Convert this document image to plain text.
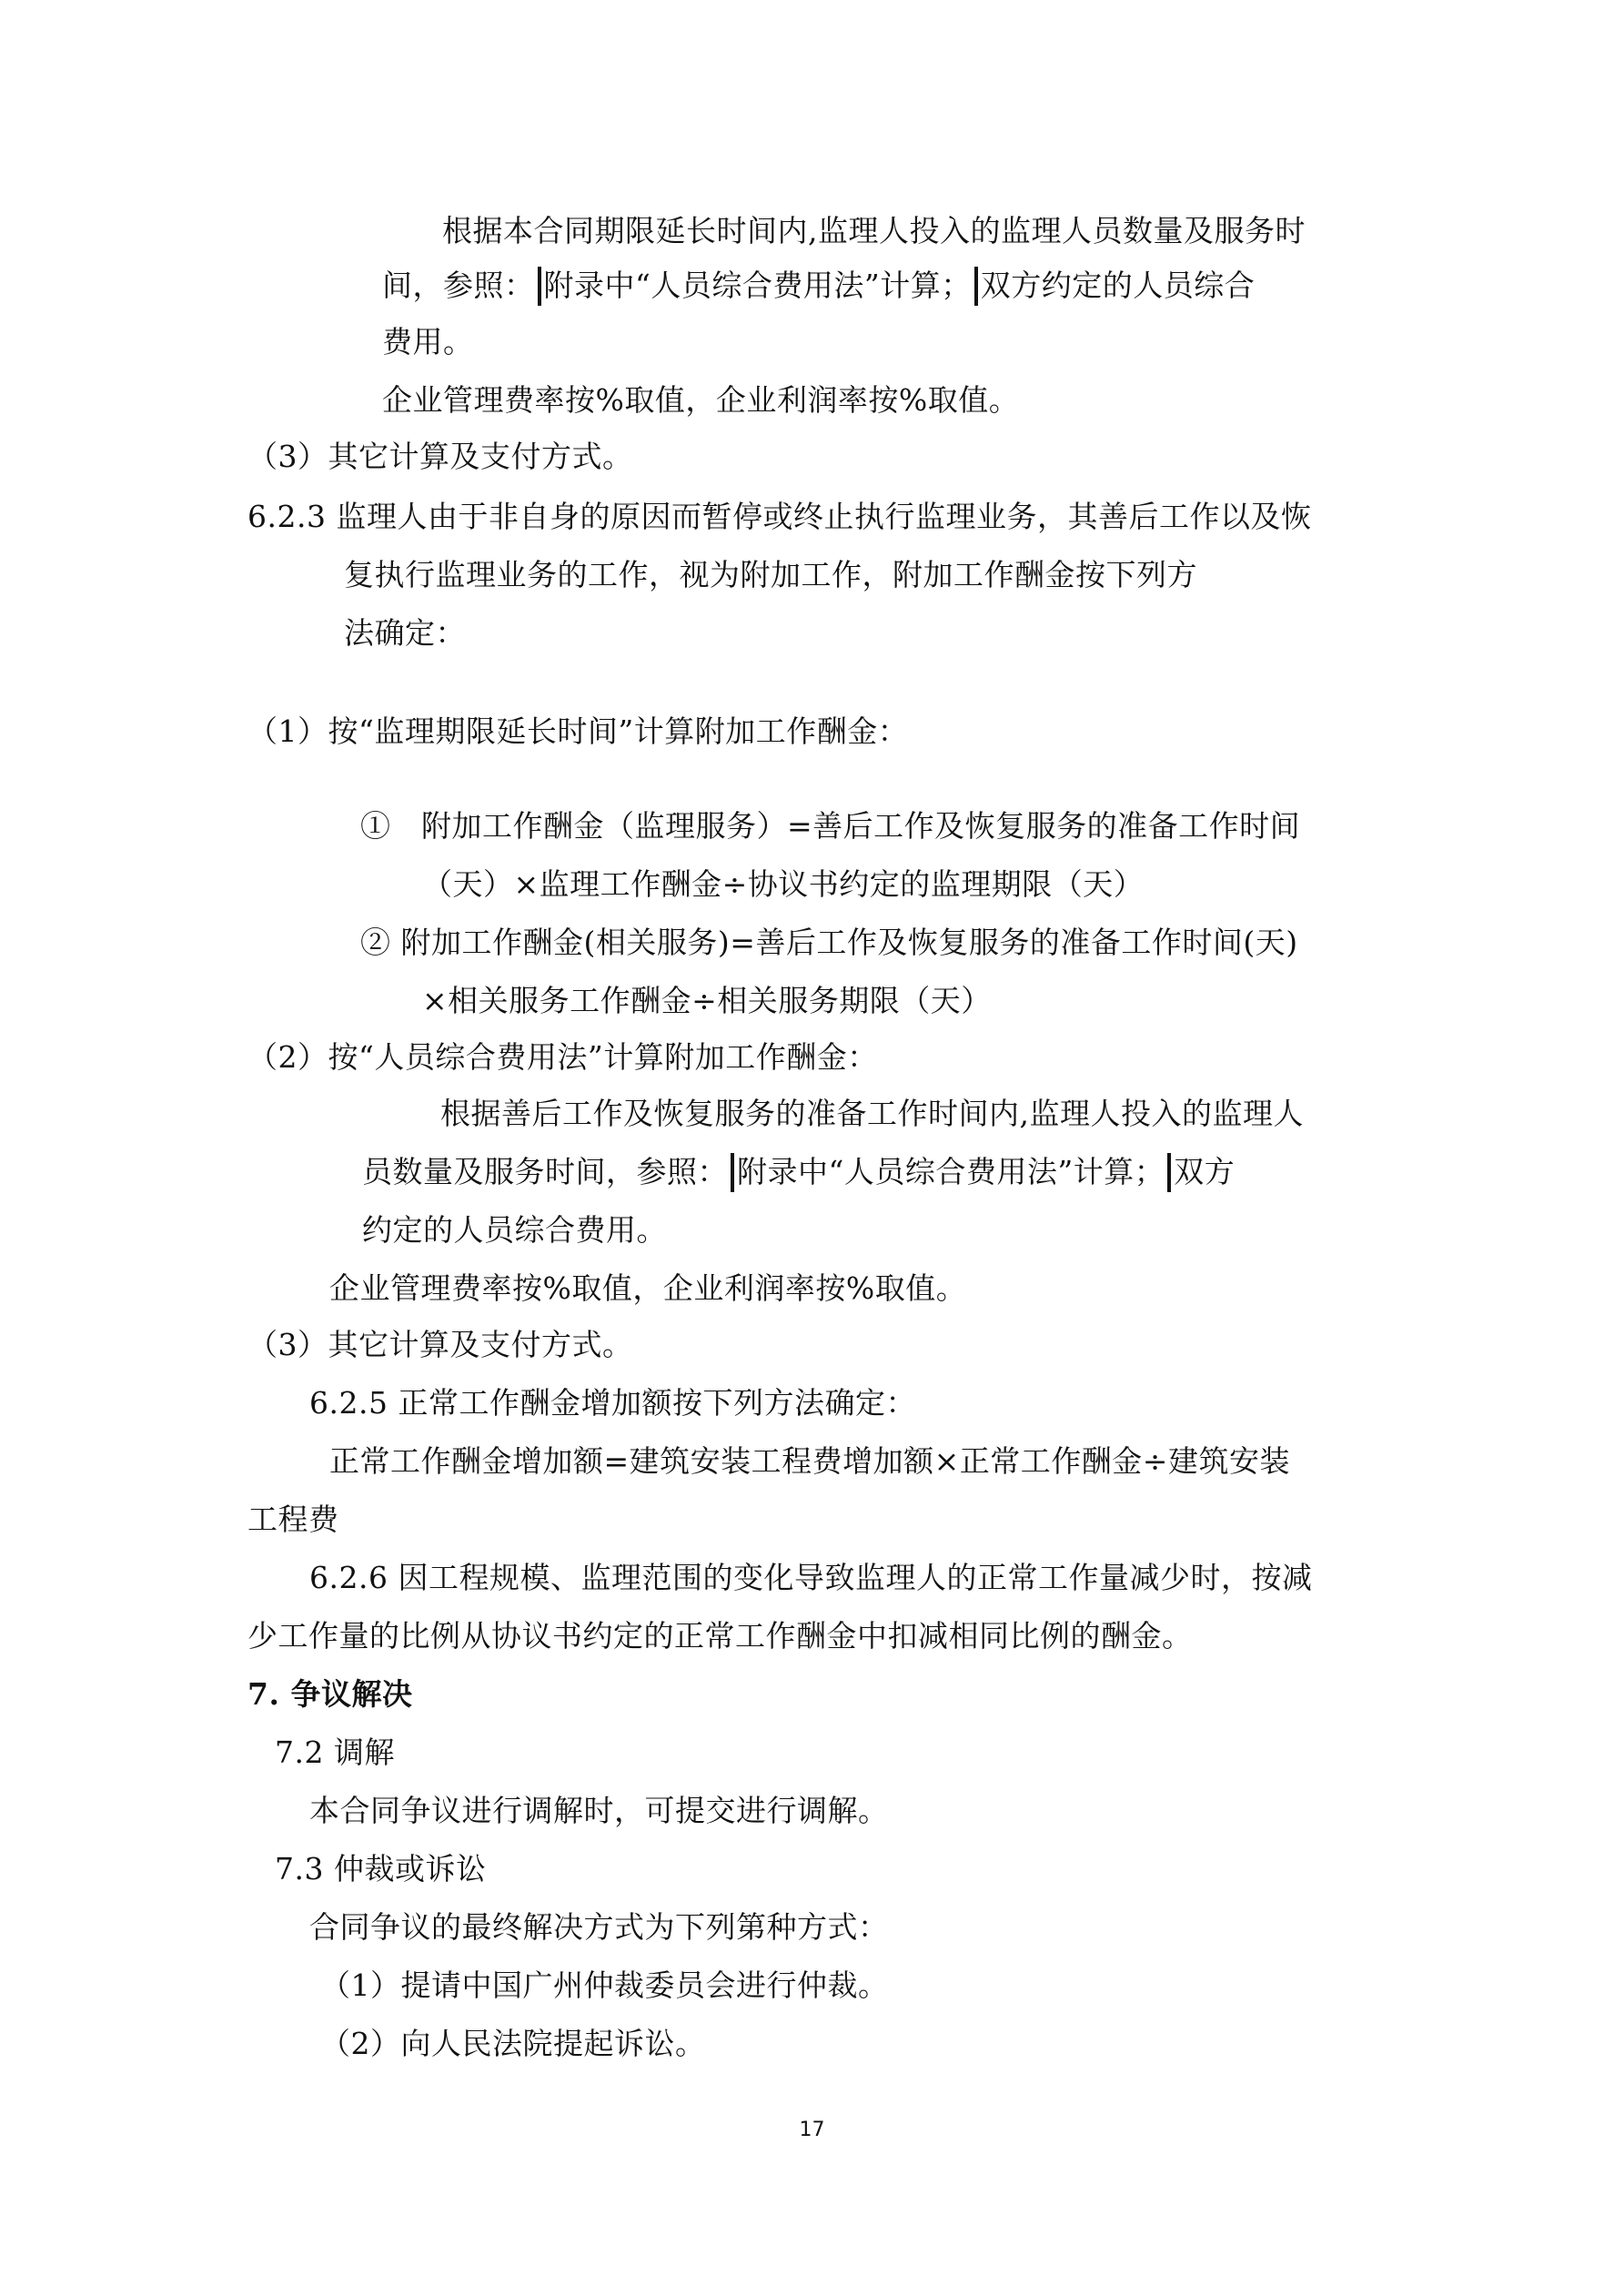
根据本合同期限延长时间内,监理人投入的监理人员数量及服务时
间，参照： 附录中“人员综合费用法”计算； 双方约定的人员综合
费用。
企业管理费率按%取值，企业利润率按%取值。
（3）其它计算及支付方式。
6.2.3 监理人由于非自身的原因而暂停或终止执行监理业务，其善后工作以及恢
复执行监理业务的工作，视为附加工作，附加工作酬金按下列方
法确定：
（1）按“监理期限延长时间”计算附加工作酬金：
①　附加工作酬金（监理服务）=善后工作及恢复服务的准备工作时间
（天）×监理工作酬金÷协议书约定的监理期限（天）
② 附加工作酬金(相关服务)=善后工作及恢复服务的准备工作时间(天)
×相关服务工作酬金÷相关服务期限（天）
（2）按“人员综合费用法”计算附加工作酬金：
根据善后工作及恢复服务的准备工作时间内,监理人投入的监理人
员数量及服务时间，参照： 附录中“人员综合费用法”计算； 双方
约定的人员综合费用。
企业管理费率按%取值，企业利润率按%取值。
（3）其它计算及支付方式。
6.2.5 正常工作酬金增加额按下列方法确定：
正常工作酬金增加额=建筑安装工程费增加额×正常工作酬金÷建筑安装
工程费
6.2.6 因工程规模、监理范围的变化导致监理人的正常工作量减少时，按减
少工作量的比例从协议书约定的正常工作酬金中扣减相同比例的酬金。
7. 争议解决
7.2 调解
本合同争议进行调解时，可提交进行调解。
7.3 仲裁或诉讼
合同争议的最终解决方式为下列第种方式：
（1）提请中国广州仲裁委员会进行仲裁。
（2）向人民法院提起诉讼。
17
